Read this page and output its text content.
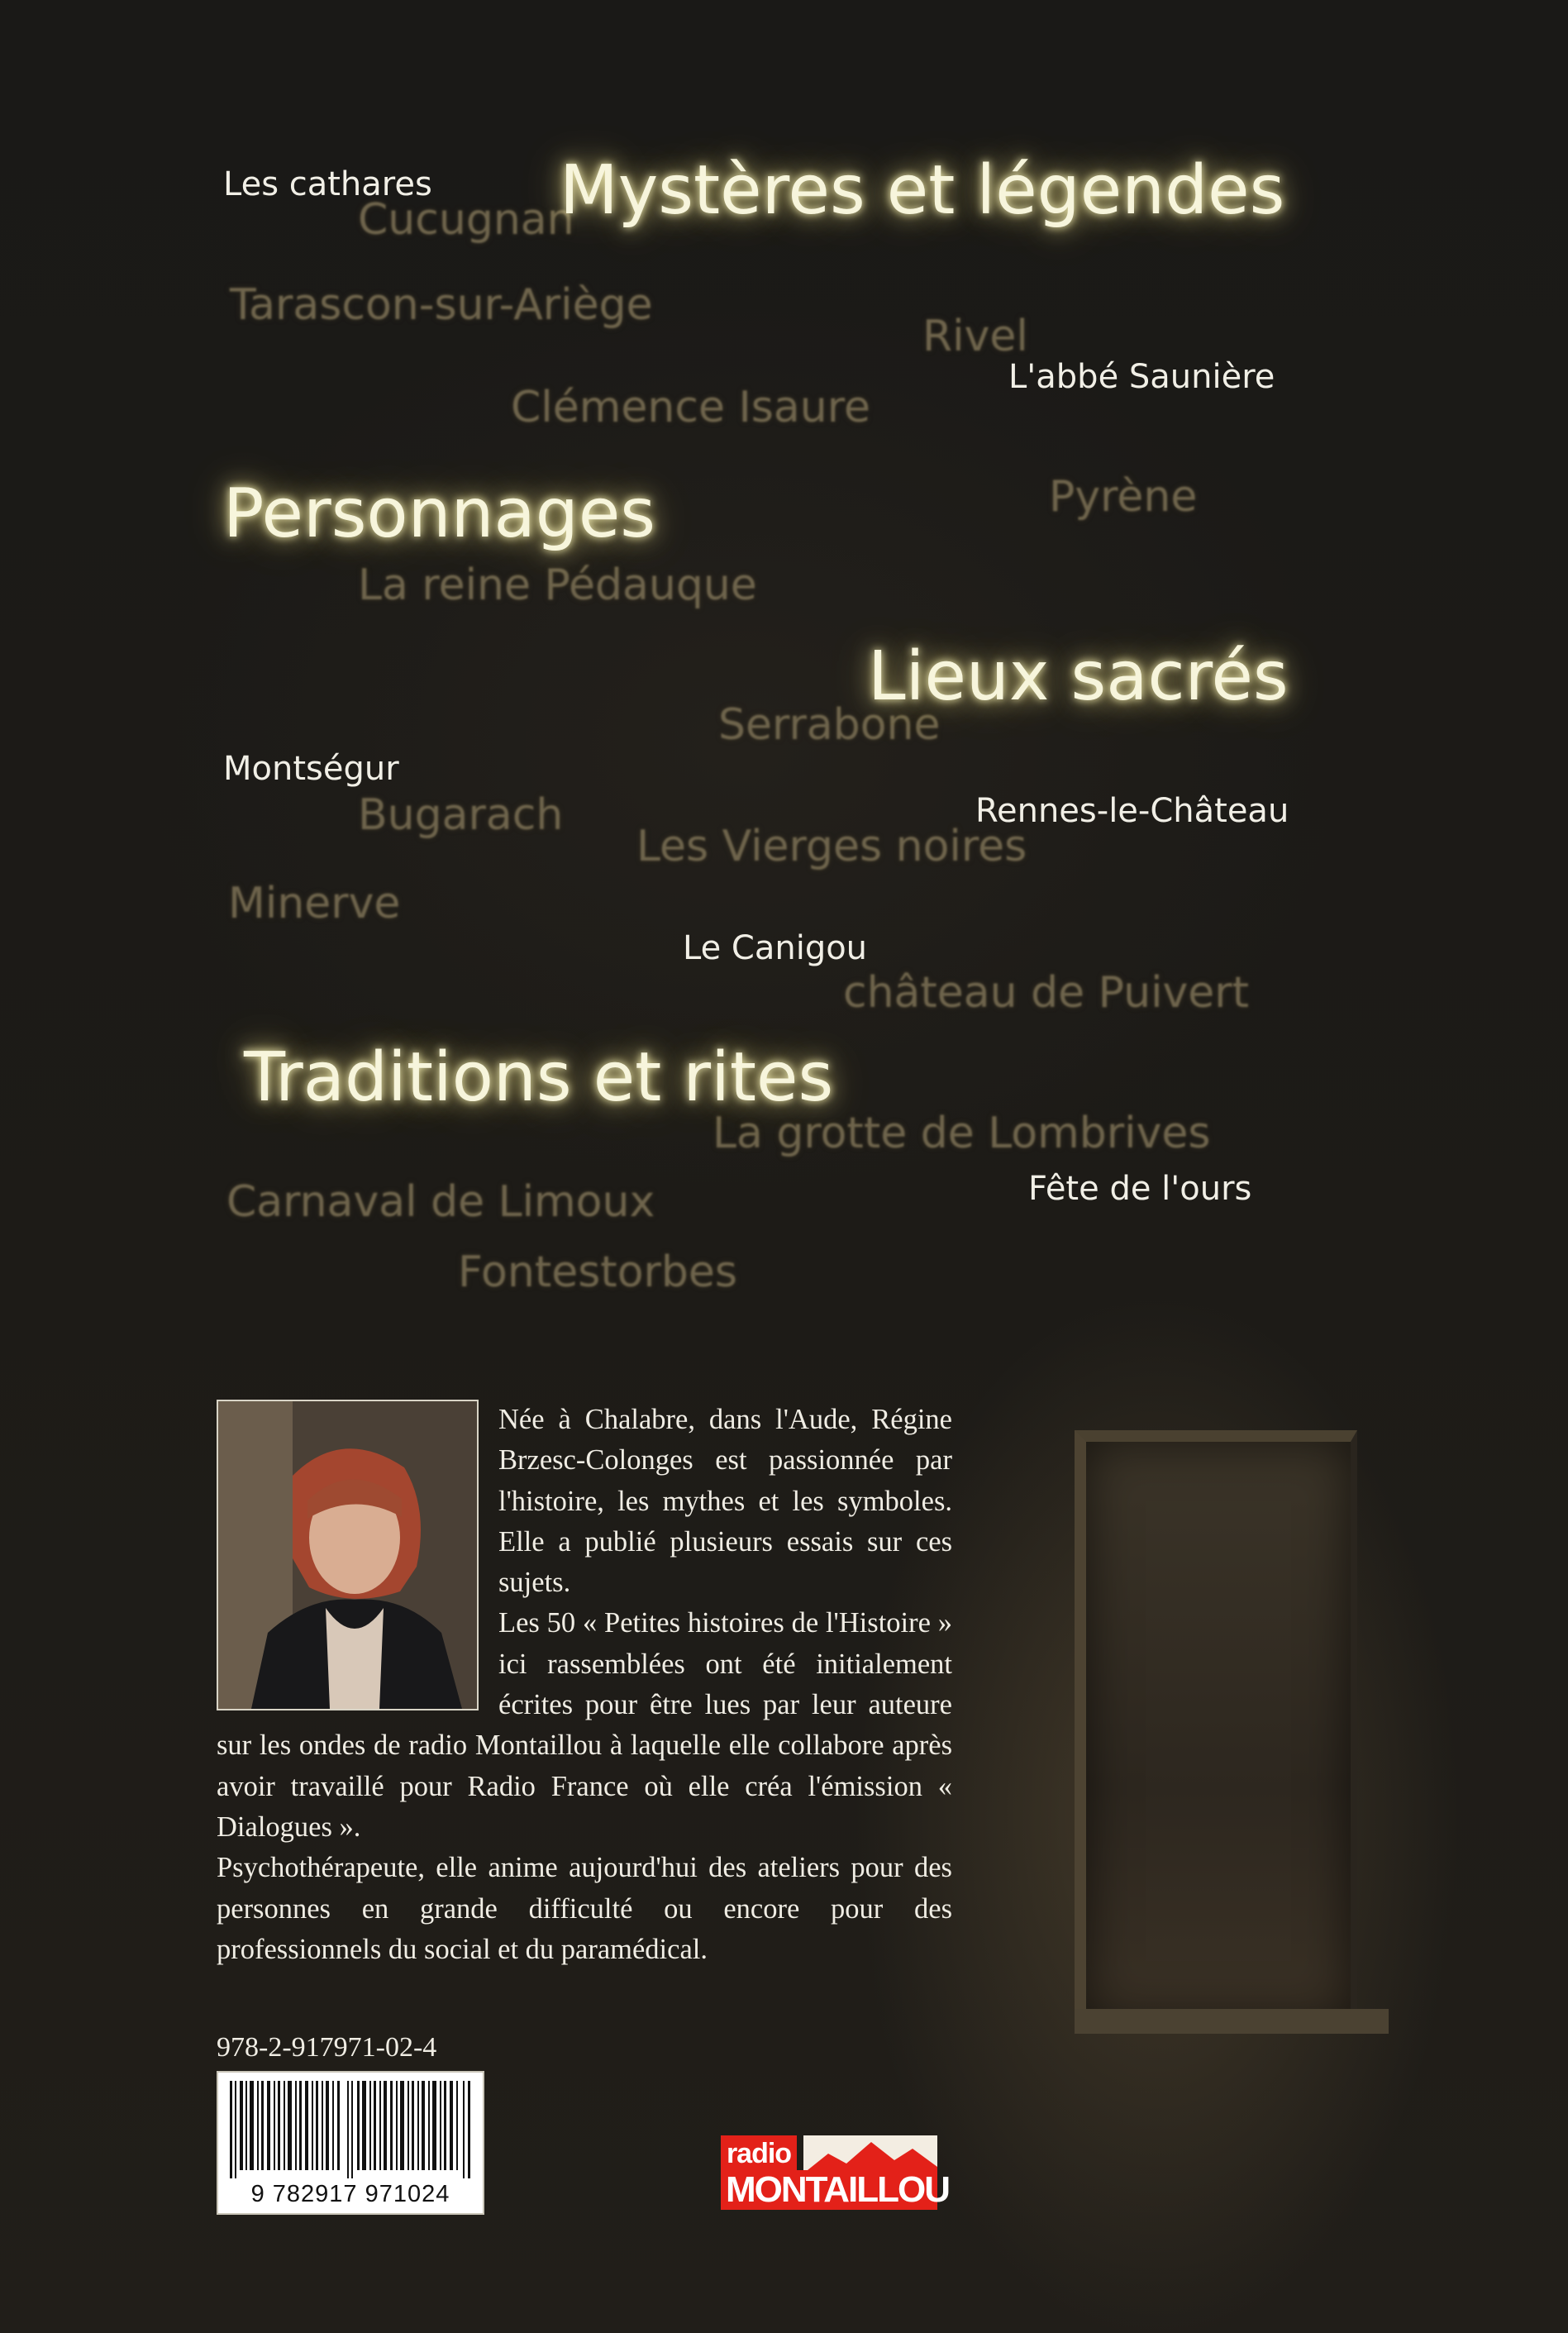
Cucugnan
Tarascon-sur-Ariège
Rivel
Clémence Isaure
Pyrène
La reine Pédauque
Serrabone
Bugarach
Les Vierges noires
Minerve
château de Puivert
La grotte de Lombrives
Carnaval de Limoux
Fontestorbes
Mystères et légendes
Personnages
Lieux sacrés
Traditions et rites
Les cathares
L'abbé Saunière
Montségur
Rennes-le-Château
Le Canigou
Fête de l'ours
Née à Chalabre, dans l'Aude, Régine Brzesc-Colonges est passionnée par l'histoire, les mythes et les symboles. Elle a publié plusieurs essais sur ces sujets.
Les 50 « Petites histoires de l'Histoire » ici rassemblées ont été initialement écrites pour être lues par leur auteure sur les ondes de radio Montaillou à laquelle elle collabore après avoir travaillé pour Radio France où elle créa l'émission « Dialogues ».
Psychothérapeute, elle anime aujourd'hui des ateliers pour des personnes en grande difficulté ou encore pour des professionnels du social et du paramédical.
978-2-917971-02-4
9 782917 971024
radio
MONTAILLOU
